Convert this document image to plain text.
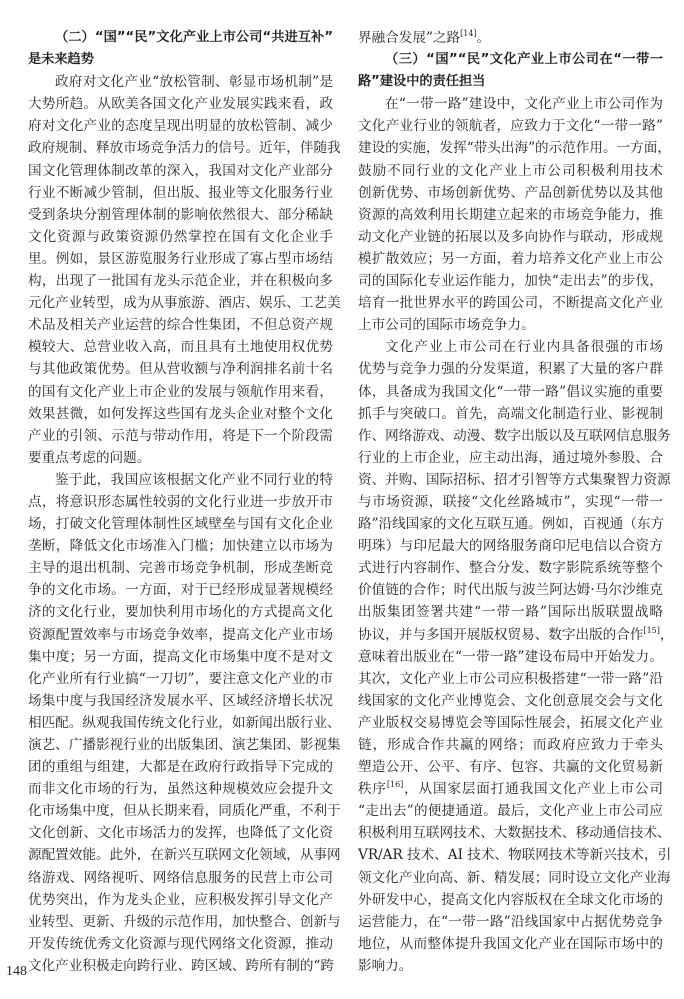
（二）“国”“民”文化产业上市公司“共进互补”
是未来趋势
政府对文化产业“放松管制、彰显市场机制”是
大势所趋。从欧美各国文化产业发展实践来看，政
府对文化产业的态度呈现出明显的放松管制、减少
政府规制、释放市场竞争活力的信号。近年，伴随我
国文化管理体制改革的深入，我国对文化产业部分
行业不断减少管制，但出版、报业等文化服务行业
受到条块分割管理体制的影响依然很大、部分稀缺
文化资源与政策资源仍然掌控在国有文化企业手
里。例如，景区游览服务行业形成了寡占型市场结
构，出现了一批国有龙头示范企业，并在积极向多
元化产业转型，成为从事旅游、酒店、娱乐、工艺美
术品及相关产业运营的综合性集团，不但总资产规
模较大、总营业收入高，而且具有土地使用权优势
与其他政策优势。但从营收额与净利润排名前十名
的国有文化产业上市企业的发展与领航作用来看，
效果甚微，如何发挥这些国有龙头企业对整个文化
产业的引领、示范与带动作用，将是下一个阶段需
要重点考虑的问题。
鉴于此，我国应该根据文化产业不同行业的特
点，将意识形态属性较弱的文化行业进一步放开市
场，打破文化管理体制性区域壁垒与国有文化企业
垄断，降低文化市场准入门槛；加快建立以市场为
主导的退出机制、完善市场竞争机制，形成垄断竞
争的文化市场。一方面，对于已经形成显著规模经
济的文化行业，要加快利用市场化的方式提高文化
资源配置效率与市场竞争效率，提高文化产业市场
集中度；另一方面，提高文化市场集中度不是对文
化产业所有行业搞“一刀切”，要注意文化产业的市
场集中度与我国经济发展水平、区域经济增长状况
相匹配。纵观我国传统文化行业，如新闻出版行业、
演艺、广播影视行业的出版集团、演艺集团、影视集
团的重组与组建，大都是在政府行政指导下完成的
而非文化市场的行为，虽然这种规模效应会提升文
化市场集中度，但从长期来看，同质化严重，不利于
文化创新、文化市场活力的发挥，也降低了文化资
源配置效能。此外，在新兴互联网文化领域，从事网
络游戏、网络视听、网络信息服务的民营上市公司
优势突出，作为龙头企业，应积极发挥引导文化产
业转型、更新、升级的示范作用，加快整合、创新与
开发传统优秀文化资源与现代网络文化资源，推动
文化产业积极走向跨行业、跨区域、跨所有制的“跨
界融合发展”之路[14]。
（三）“国”“民”文化产业上市公司在“一带一
路”建设中的责任担当
在“一带一路”建设中，文化产业上市公司作为
文化产业行业的领航者，应致力于文化“一带一路”
建设的实施，发挥“带头出海”的示范作用。一方面，
鼓励不同行业的文化产业上市公司积极利用技术
创新优势、市场创新优势、产品创新优势以及其他
资源的高效利用长期建立起来的市场竞争能力，推
动文化产业链的拓展以及多向协作与联动，形成规
模扩散效应；另一方面，着力培养文化产业上市公
司的国际化专业运作能力，加快“走出去”的步伐，
培育一批世界水平的跨国公司，不断提高文化产业
上市公司的国际市场竞争力。
文化产业上市公司在行业内具备很强的市场
优势与竞争力强的分发渠道，积累了大量的客户群
体，具备成为我国文化“一带一路”倡议实施的重要
抓手与突破口。首先，高端文化制造行业、影视制
作、网络游戏、动漫、数字出版以及互联网信息服务
行业的上市企业，应主动出海，通过境外参股、合
资、并购、国际招标、招才引智等方式集聚智力资源
与市场资源，联接“文化丝路城市”，实现“一带一
路”沿线国家的文化互联互通。例如，百视通（东方
明珠）与印尼最大的网络服务商印尼电信以合资方
式进行内容制作、整合分发、数字影院系统等整个
价值链的合作；时代出版与波兰阿达姆·马尔沙维克
出版集团签署共建“一带一路”国际出版联盟战略
协议，并与多国开展版权贸易、数字出版的合作[15]，
意味着出版业在“一带一路”建设布局中开始发力。
其次，文化产业上市公司应积极搭建“一带一路”沿
线国家的文化产业博览会、文化创意展交会与文化
产业版权交易博览会等国际性展会，拓展文化产业
链，形成合作共赢的网络；而政府应致力于牵头
塑造公开、公平、有序、包容、共赢的文化贸易新
秩序[16]，从国家层面打通我国文化产业上市公司
“走出去”的便捷通道。最后，文化产业上市公司应
积极利用互联网技术、大数据技术、移动通信技术、
VR/AR 技术、AI 技术、物联网技术等新兴技术，引
领文化产业向高、新、精发展；同时设立文化产业海
外研发中心，提高文化内容版权在全球文化市场的
运营能力，在“一带一路”沿线国家中占据优势竞争
地位，从而整体提升我国文化产业在国际市场中的
影响力。
148
